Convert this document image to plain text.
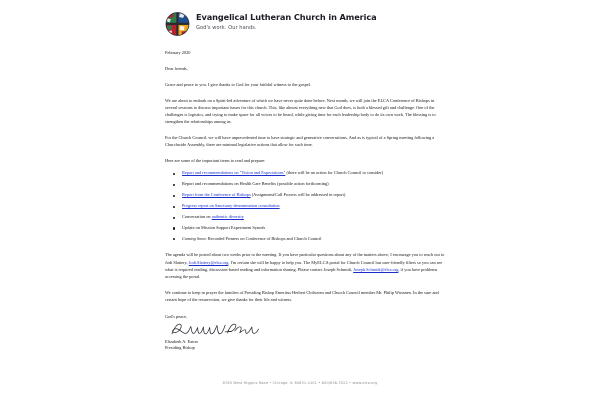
Evangelical Lutheran Church in America
God's work. Our hands.
February 2020
Dear friends,

Grace and peace to you. I give thanks to God for your faithful witness to the gospel.

We are about to embark on a Spirit-led adventure of which we have never quite done before. Next month, we will join the ELCA Conference of Bishops in several sessions to discuss important issues for this church. This, like almost everything new that God does, is both a blessed gift and challenge. One of the challenges is logistics, and trying to make space for all voices to be heard, while giving time for each leadership body to do its own work. The blessing is to strengthen the relationships among us.

For the Church Council, we will have unprecedented time to have strategic and generative conversations. And as is typical of a Spring meeting following a Churchwide Assembly, there are minimal legislative actions that allow for such time.

Here are some of the important items to read and prepare:

Report and recommendations on "Vision and Expectations" (there will be an action for Church Council to consider)
Report and recommendations on Health Care Benefits (possible action forthcoming)
Report from the Conference of Bishops (Assignment/Call Process will be addressed in report)
Progress report on Sanctuary denomination consultation
Conversation on authentic diversity
Update on Mission Support Experiment Synods
Coming Soon: Recorded Primers on Conference of Bishops and Church Council

The agenda will be posted about two weeks prior to the meeting. If you have particular questions about any of the matters above, I encourage you to reach out to Jodi Slattery, Jodi.Slattery@elca.org. I'm certain she will be happy to help you. The MyELCA portal for Church Council has user-friendly filters so you can see what is required reading, discussion-based reading and information sharing. Please contact Joseph Schmidt, Joseph.Schmidt@elca.org, if you have problems accessing the portal.

We continue to keep in prayer the families of Presiding Bishop Emeritus Herbert Chilstrom and Church Council member Mr. Philip Wirtanen. In the sure and certain hope of the resurrection, we give thanks for their life and witness.

God's peace,
Elizabeth A. Eaton
Presiding Bishop
8765 West Higgins Road • Chicago, IL 60631-4101 • 800/638-3522 • www.elca.org
